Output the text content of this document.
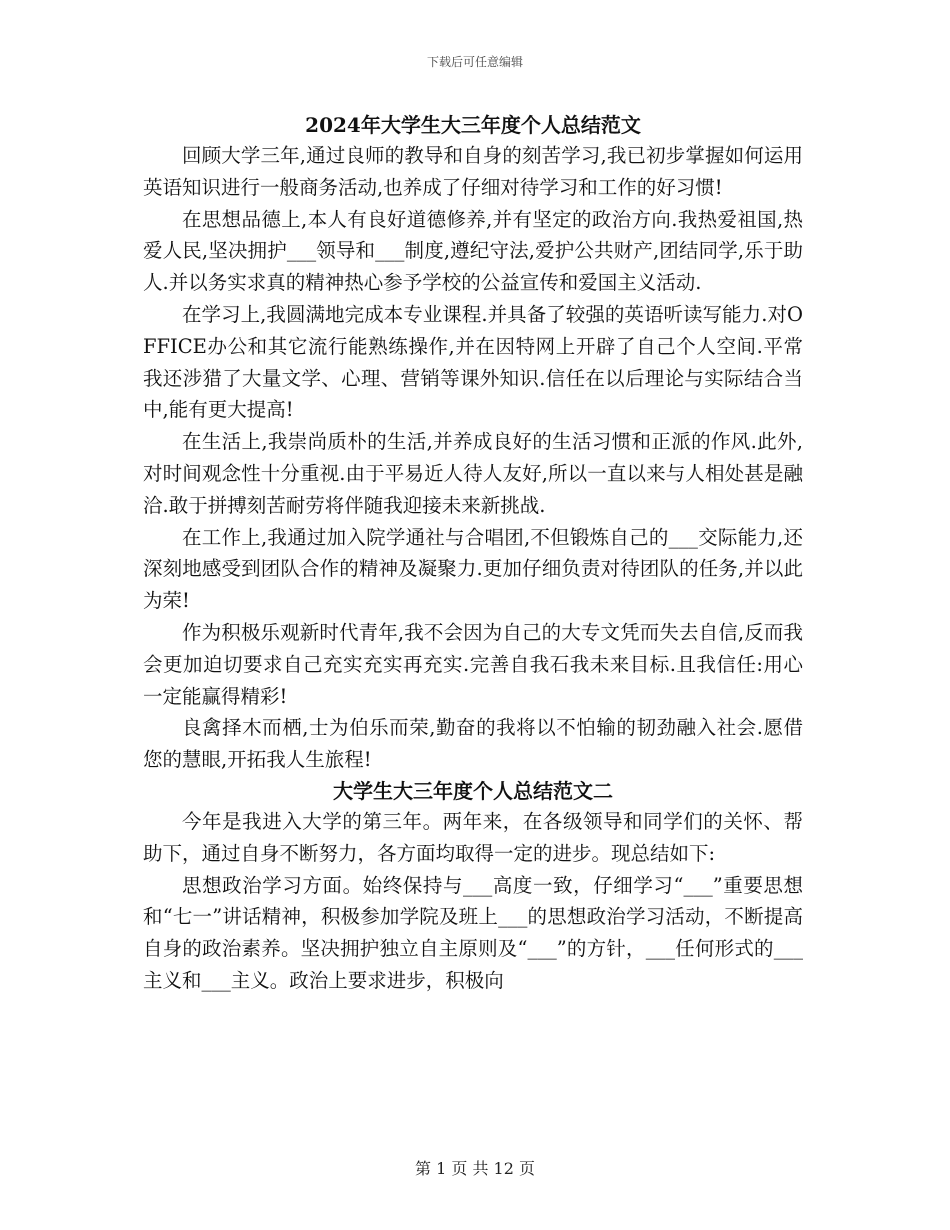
下载后可任意编辑
2024年大学生大三年度个人总结范文

回顾大学三年,通过良师的教导和自身的刻苦学习,我已初步掌握如何运用英语知识进行一般商务活动,也养成了仔细对待学习和工作的好习惯!

在思想品德上,本人有良好道德修养,并有坚定的政治方向.我热爱祖国,热爱人民,坚决拥护___领导和___制度,遵纪守法,爱护公共财产,团结同学,乐于助人.并以务实求真的精神热心参予学校的公益宣传和爱国主义活动.

在学习上,我圆满地完成本专业课程.并具备了较强的英语听读写能力.对OFFICE办公和其它流行能熟练操作,并在因特网上开辟了自己个人空间.平常我还涉猎了大量文学、心理、营销等课外知识.信任在以后理论与实际结合当中,能有更大提高!

在生活上,我崇尚质朴的生活,并养成良好的生活习惯和正派的作风.此外,对时间观念性十分重视.由于平易近人待人友好,所以一直以来与人相处甚是融洽.敢于拼搏刻苦耐劳将伴随我迎接未来新挑战.

在工作上,我通过加入院学通社与合唱团,不但锻炼自己的___交际能力,还深刻地感受到团队合作的精神及凝聚力.更加仔细负责对待团队的任务,并以此为荣!

作为积极乐观新时代青年,我不会因为自己的大专文凭而失去自信,反而我会更加迫切要求自己充实充实再充实.完善自我石我未来目标.且我信任:用心一定能赢得精彩!

良禽择木而栖,士为伯乐而荣,勤奋的我将以不怕输的韧劲融入社会.愿借您的慧眼,开拓我人生旅程!

大学生大三年度个人总结范文二

今年是我进入大学的第三年。两年来，在各级领导和同学们的关怀、帮助下，通过自身不断努力，各方面均取得一定的进步。现总结如下:

思想政治学习方面。始终保持与___高度一致，仔细学习“___”重要思想和“七一”讲话精神，积极参加学院及班上___的思想政治学习活动，不断提高自身的政治素养。坚决拥护独立自主原则及“___”的方针，___任何形式的___主义和___主义。政治上要求进步，积极向

第 1 页 共 12 页
